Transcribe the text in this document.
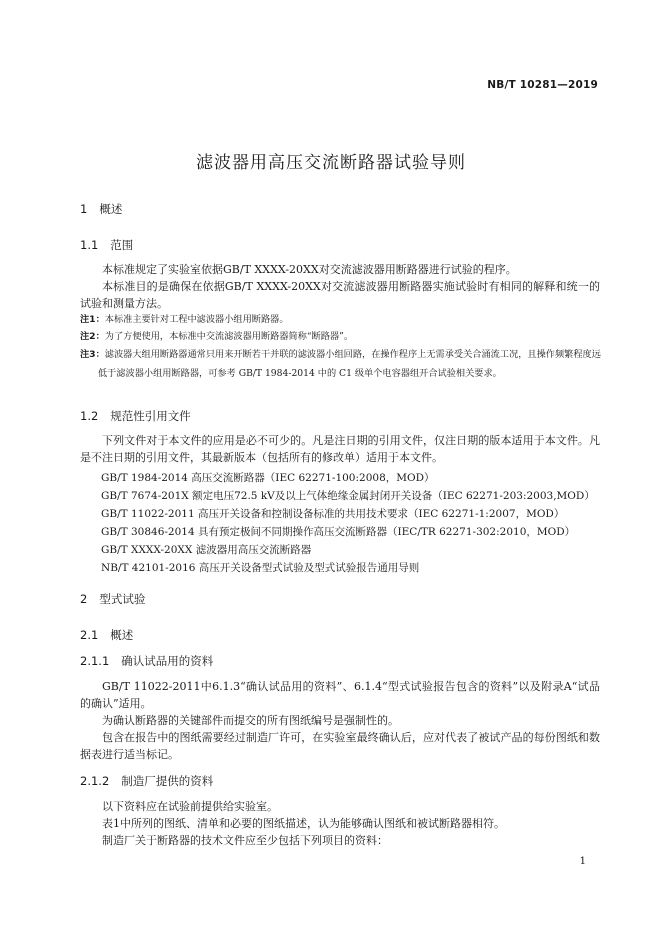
NB/T 10281—2019
滤波器用高压交流断路器试验导则
1 概述
1.1 范围
本标准规定了实验室依据GB/T XXXX-20XX对交流滤波器用断路器进行试验的程序。
本标准目的是确保在依据GB/T XXXX-20XX对交流滤波器用断路器实施试验时有相同的解释和统一的试验和测量方法。
注1：本标准主要针对工程中滤波器小组用断路器。
注2：为了方便使用，本标准中交流滤波器用断路器简称“断路器”。
注3：滤波器大组用断路器通常只用来开断若干并联的滤波器小组回路，在操作程序上无需承受关合涌流工况，且操作频繁程度远低于滤波器小组用断路器，可参考 GB/T 1984-2014 中的 C1 级单个电容器组开合试验相关要求。
1.2 规范性引用文件
下列文件对于本文件的应用是必不可少的。凡是注日期的引用文件，仅注日期的版本适用于本文件。凡是不注日期的引用文件，其最新版本（包括所有的修改单）适用于本文件。
GB/T 1984-2014 高压交流断路器（IEC 62271-100:2008，MOD）
GB/T 7674-201X 额定电压72.5 kV及以上气体绝缘金属封闭开关设备（IEC 62271-203:2003,MOD）
GB/T 11022-2011 高压开关设备和控制设备标准的共用技术要求（IEC 62271-1:2007，MOD）
GB/T 30846-2014 具有预定极间不同期操作高压交流断路器（IEC/TR 62271-302:2010，MOD）
GB/T XXXX-20XX 滤波器用高压交流断路器
NB/T 42101-2016 高压开关设备型式试验及型式试验报告通用导则
2 型式试验
2.1 概述
2.1.1 确认试品用的资料
GB/T 11022-2011中6.1.3“确认试品用的资料”、6.1.4“型式试验报告包含的资料”以及附录A“试品的确认”适用。
为确认断路器的关键部件而提交的所有图纸编号是强制性的。
包含在报告中的图纸需要经过制造厂许可，在实验室最终确认后，应对代表了被试产品的每份图纸和数据表进行适当标记。
2.1.2 制造厂提供的资料
以下资料应在试验前提供给实验室。
表1中所列的图纸、清单和必要的图纸描述，认为能够确认图纸和被试断路器相符。
制造厂关于断路器的技术文件应至少包括下列项目的资料：
1
